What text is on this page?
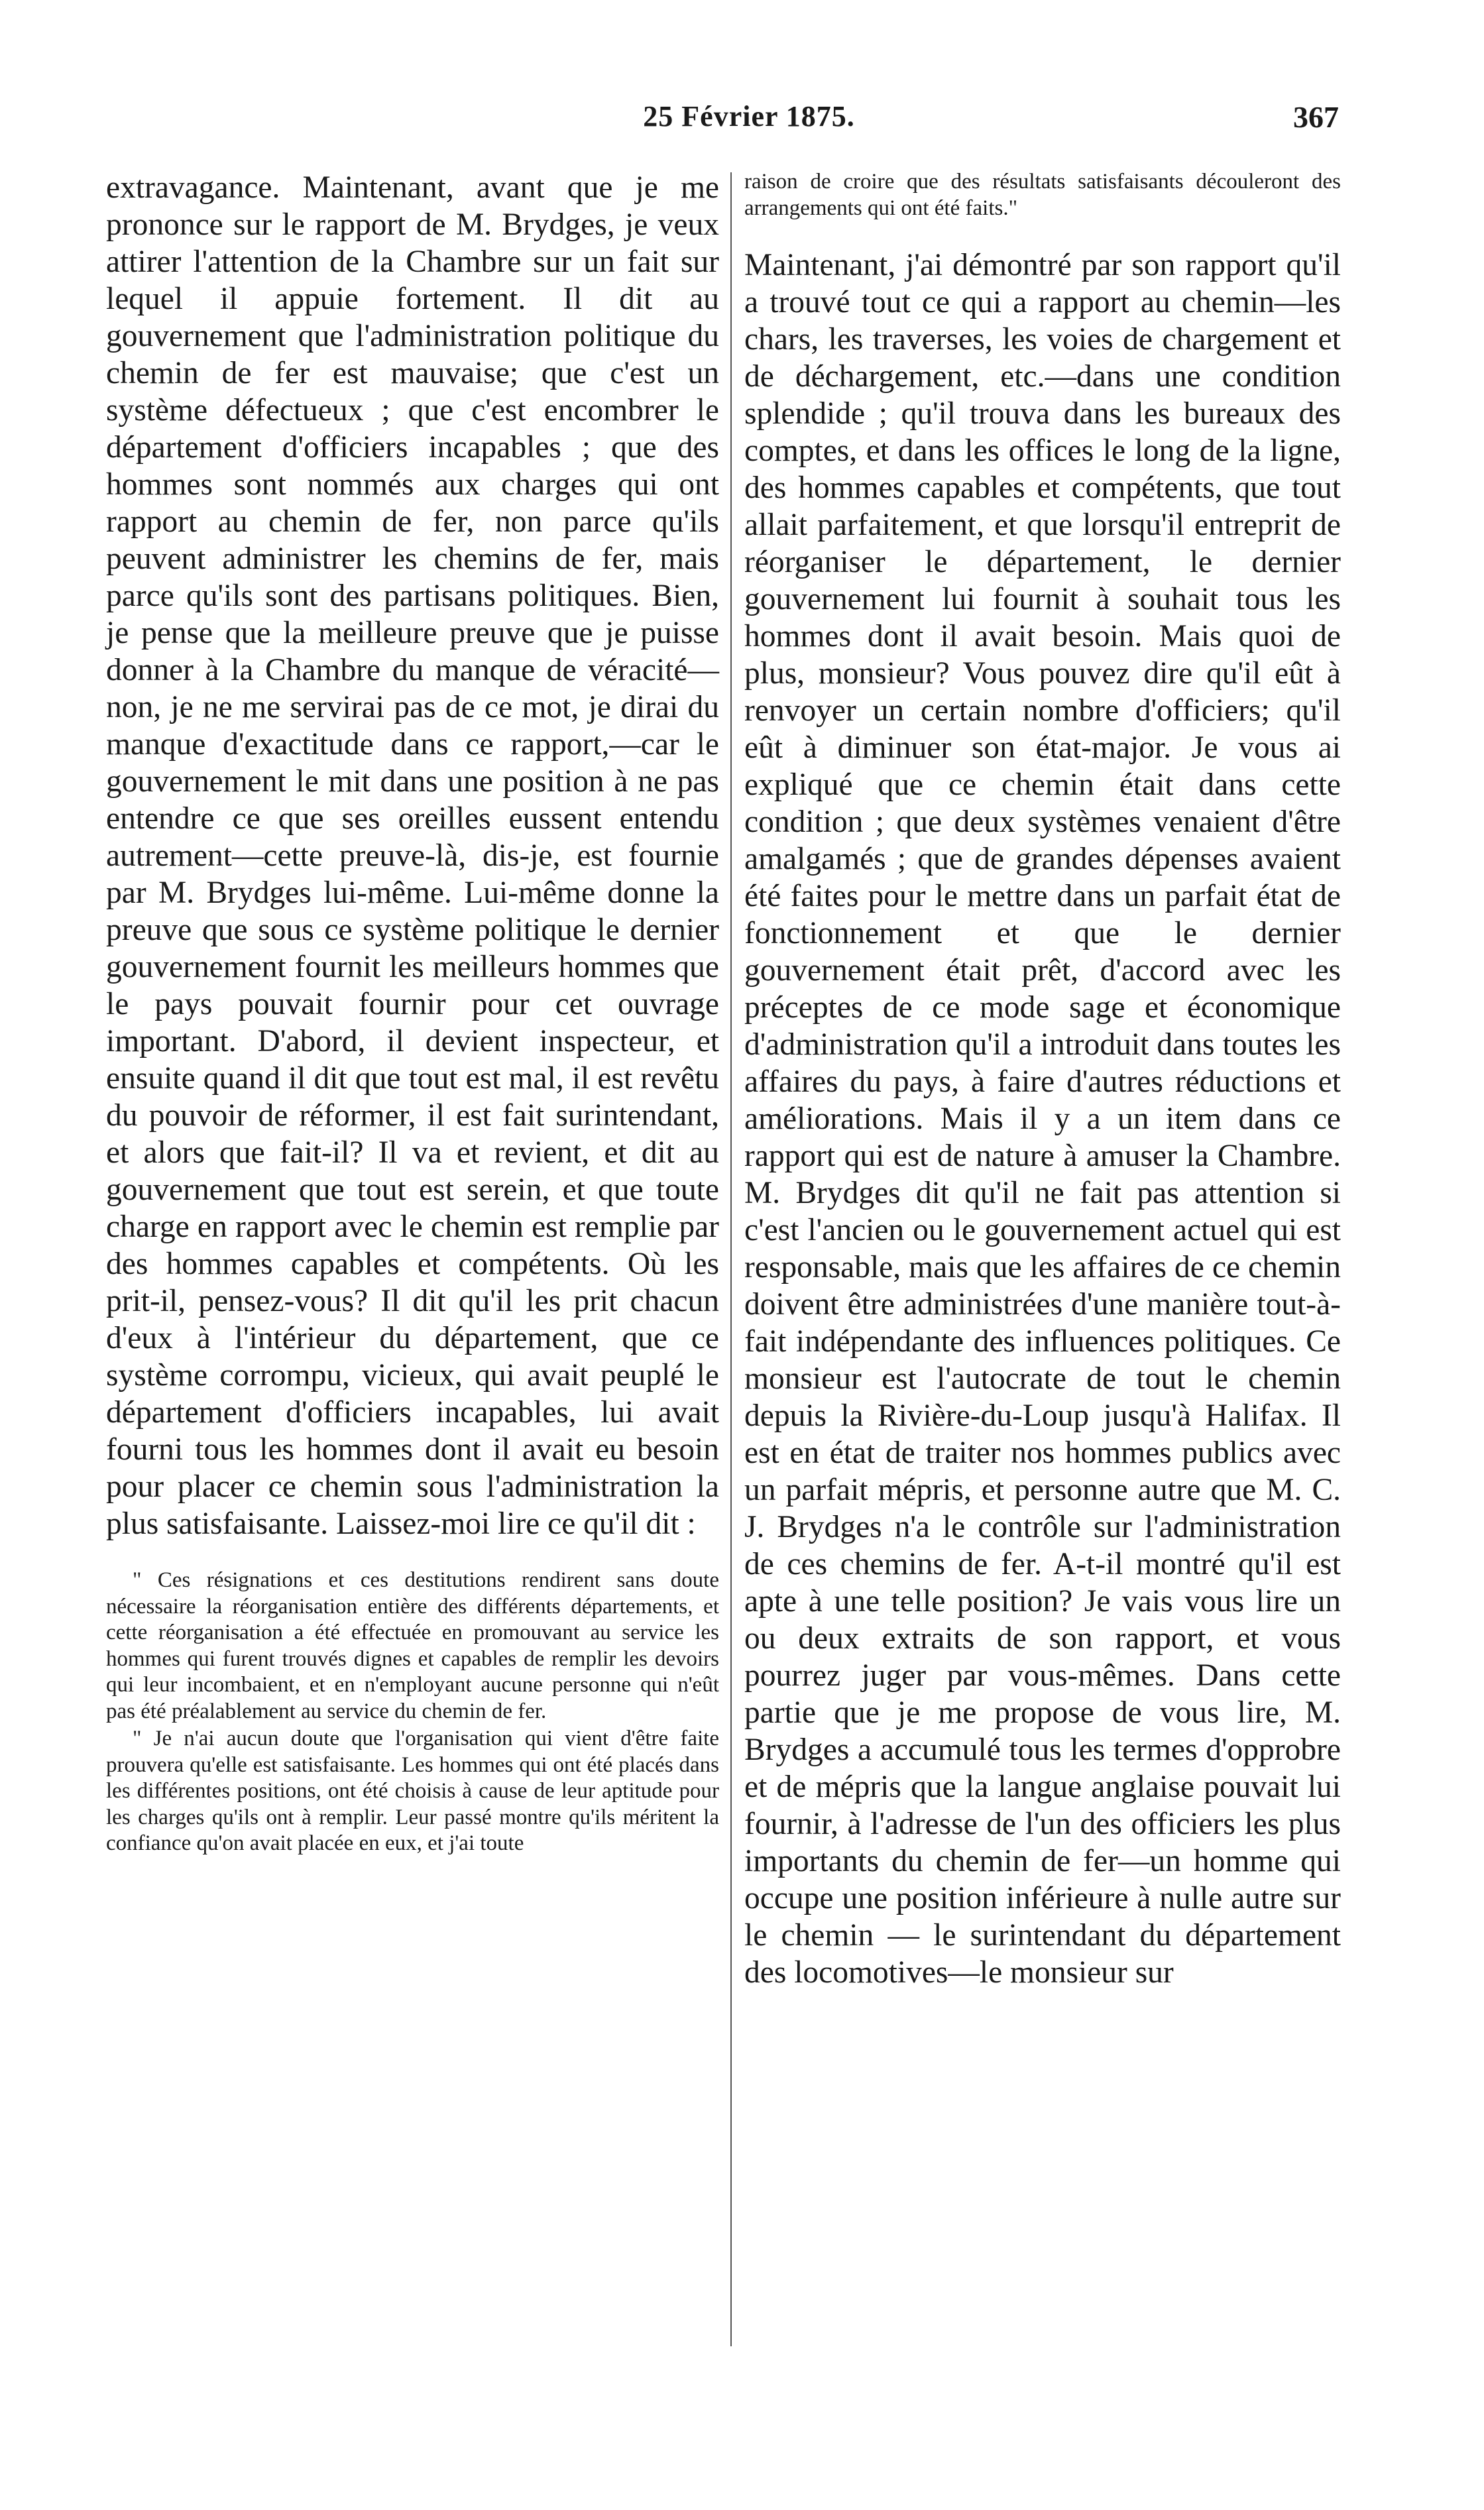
25 Février 1875.	367

extravagance. Maintenant, avant que je me prononce sur le rapport de M. Brydges, je veux attirer l'attention de la Chambre sur un fait sur lequel il appuie fortement. Il dit au gouvernement que l'administration politique du chemin de fer est mauvaise; que c'est un système défectueux ; que c'est encombrer le département d'officiers incapables ; que des hommes sont nommés aux charges qui ont rapport au chemin de fer, non parce qu'ils peuvent administrer les chemins de fer, mais parce qu'ils sont des partisans politiques. Bien, je pense que la meilleure preuve que je puisse donner à la Chambre du manque de véracité—non, je ne me servirai pas de ce mot, je dirai du manque d'exactitude dans ce rapport,—car le gouvernement le mit dans une position à ne pas entendre ce que ses oreilles eussent entendu autrement—cette preuve-là, dis-je, est fournie par M. Brydges lui-même. Lui-même donne la preuve que sous ce système politique le dernier gouvernement fournit les meilleurs hommes que le pays pouvait fournir pour cet ouvrage important. D'abord, il devient inspecteur, et ensuite quand il dit que tout est mal, il est revêtu du pouvoir de réformer, il est fait surintendant, et alors que fait-il? Il va et revient, et dit au gouvernement que tout est serein, et que toute charge en rapport avec le chemin est remplie par des hommes capables et compétents. Où les prit-il, pensez-vous? Il dit qu'il les prit chacun d'eux à l'intérieur du département, que ce système corrompu, vicieux, qui avait peuplé le département d'officiers incapables, lui avait fourni tous les hommes dont il avait eu besoin pour placer ce chemin sous l'administration la plus satisfaisante. Laissez-moi lire ce qu'il dit :

" Ces résignations et ces destitutions rendirent sans doute nécessaire la réorganisation entière des différents départements, et cette réorganisation a été effectuée en promouvant au service les hommes qui furent trouvés dignes et capables de remplir les devoirs qui leur incombaient, et en n'employant aucune personne qui n'eût pas été préalablement au service du chemin de fer.

" Je n'ai aucun doute que l'organisation qui vient d'être faite prouvera qu'elle est satisfaisante. Les hommes qui ont été placés dans les différentes positions, ont été choisis à cause de leur aptitude pour les charges qu'ils ont à remplir. Leur passé montre qu'ils méritent la confiance qu'on avait placée en eux, et j'ai toute

raison de croire que des résultats satisfaisants découleront des arrangements qui ont été faits."

Maintenant, j'ai démontré par son rapport qu'il a trouvé tout ce qui a rapport au chemin—les chars, les traverses, les voies de chargement et de déchargement, etc.—dans une condition splendide ; qu'il trouva dans les bureaux des comptes, et dans les offices le long de la ligne, des hommes capables et compétents, que tout allait parfaitement, et que lorsqu'il entreprit de réorganiser le département, le dernier gouvernement lui fournit à souhait tous les hommes dont il avait besoin. Mais quoi de plus, monsieur? Vous pouvez dire qu'il eût à renvoyer un certain nombre d'officiers; qu'il eût à diminuer son état-major. Je vous ai expliqué que ce chemin était dans cette condition ; que deux systèmes venaient d'être amalgamés ; que de grandes dépenses avaient été faites pour le mettre dans un parfait état de fonctionnement et que le dernier gouvernement était prêt, d'accord avec les préceptes de ce mode sage et économique d'administration qu'il a introduit dans toutes les affaires du pays, à faire d'autres réductions et améliorations. Mais il y a un item dans ce rapport qui est de nature à amuser la Chambre. M. Brydges dit qu'il ne fait pas attention si c'est l'ancien ou le gouvernement actuel qui est responsable, mais que les affaires de ce chemin doivent être administrées d'une manière tout-à-fait indépendante des influences politiques. Ce monsieur est l'autocrate de tout le chemin depuis la Rivière-du-Loup jusqu'à Halifax. Il est en état de traiter nos hommes publics avec un parfait mépris, et personne autre que M. C. J. Brydges n'a le contrôle sur l'administration de ces chemins de fer. A-t-il montré qu'il est apte à une telle position? Je vais vous lire un ou deux extraits de son rapport, et vous pourrez juger par vous-mêmes. Dans cette partie que je me propose de vous lire, M. Brydges a accumulé tous les termes d'opprobre et de mépris que la langue anglaise pouvait lui fournir, à l'adresse de l'un des officiers les plus importants du chemin de fer—un homme qui occupe une position inférieure à nulle autre sur le chemin — le surintendant du département des locomotives—le monsieur sur
